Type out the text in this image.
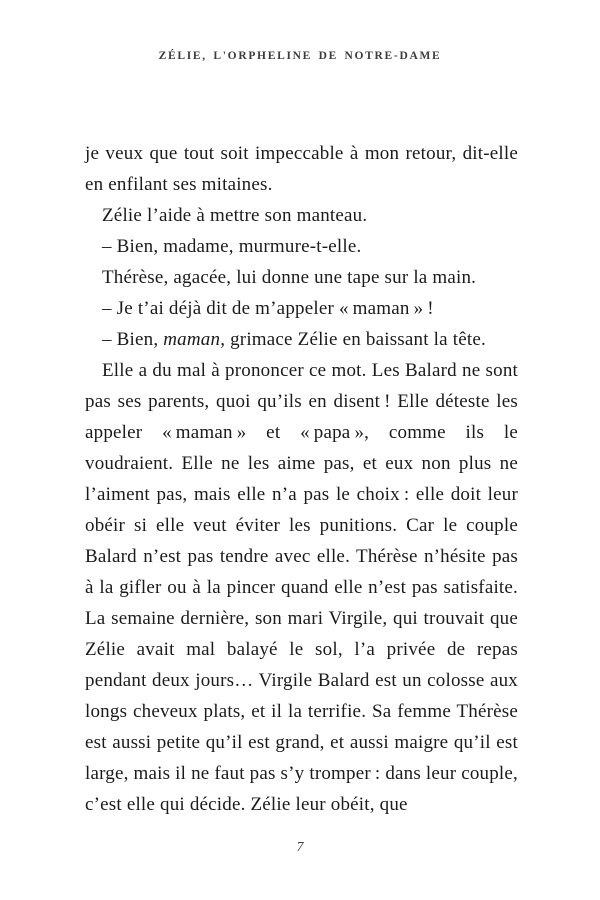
ZÉLIE, L'ORPHELINE DE NOTRE-DAME

je veux que tout soit impeccable à mon retour, dit-elle en enfilant ses mitaines.

Zélie l’aide à mettre son manteau.

– Bien, madame, murmure-t-elle.

Thérèse, agacée, lui donne une tape sur la main.

– Je t’ai déjà dit de m’appeler « maman » !

– Bien, maman, grimace Zélie en baissant la tête.

Elle a du mal à prononcer ce mot. Les Balard ne sont pas ses parents, quoi qu’ils en disent ! Elle déteste les appeler « maman » et « papa », comme ils le voudraient. Elle ne les aime pas, et eux non plus ne l’aiment pas, mais elle n’a pas le choix : elle doit leur obéir si elle veut éviter les punitions. Car le couple Balard n’est pas tendre avec elle. Thérèse n’hésite pas à la gifler ou à la pincer quand elle n’est pas satisfaite. La semaine dernière, son mari Virgile, qui trouvait que Zélie avait mal balayé le sol, l’a privée de repas pendant deux jours… Virgile Balard est un colosse aux longs cheveux plats, et il la terrifie. Sa femme Thérèse est aussi petite qu’il est grand, et aussi maigre qu’il est large, mais il ne faut pas s’y tromper : dans leur couple, c’est elle qui décide. Zélie leur obéit, que

7
